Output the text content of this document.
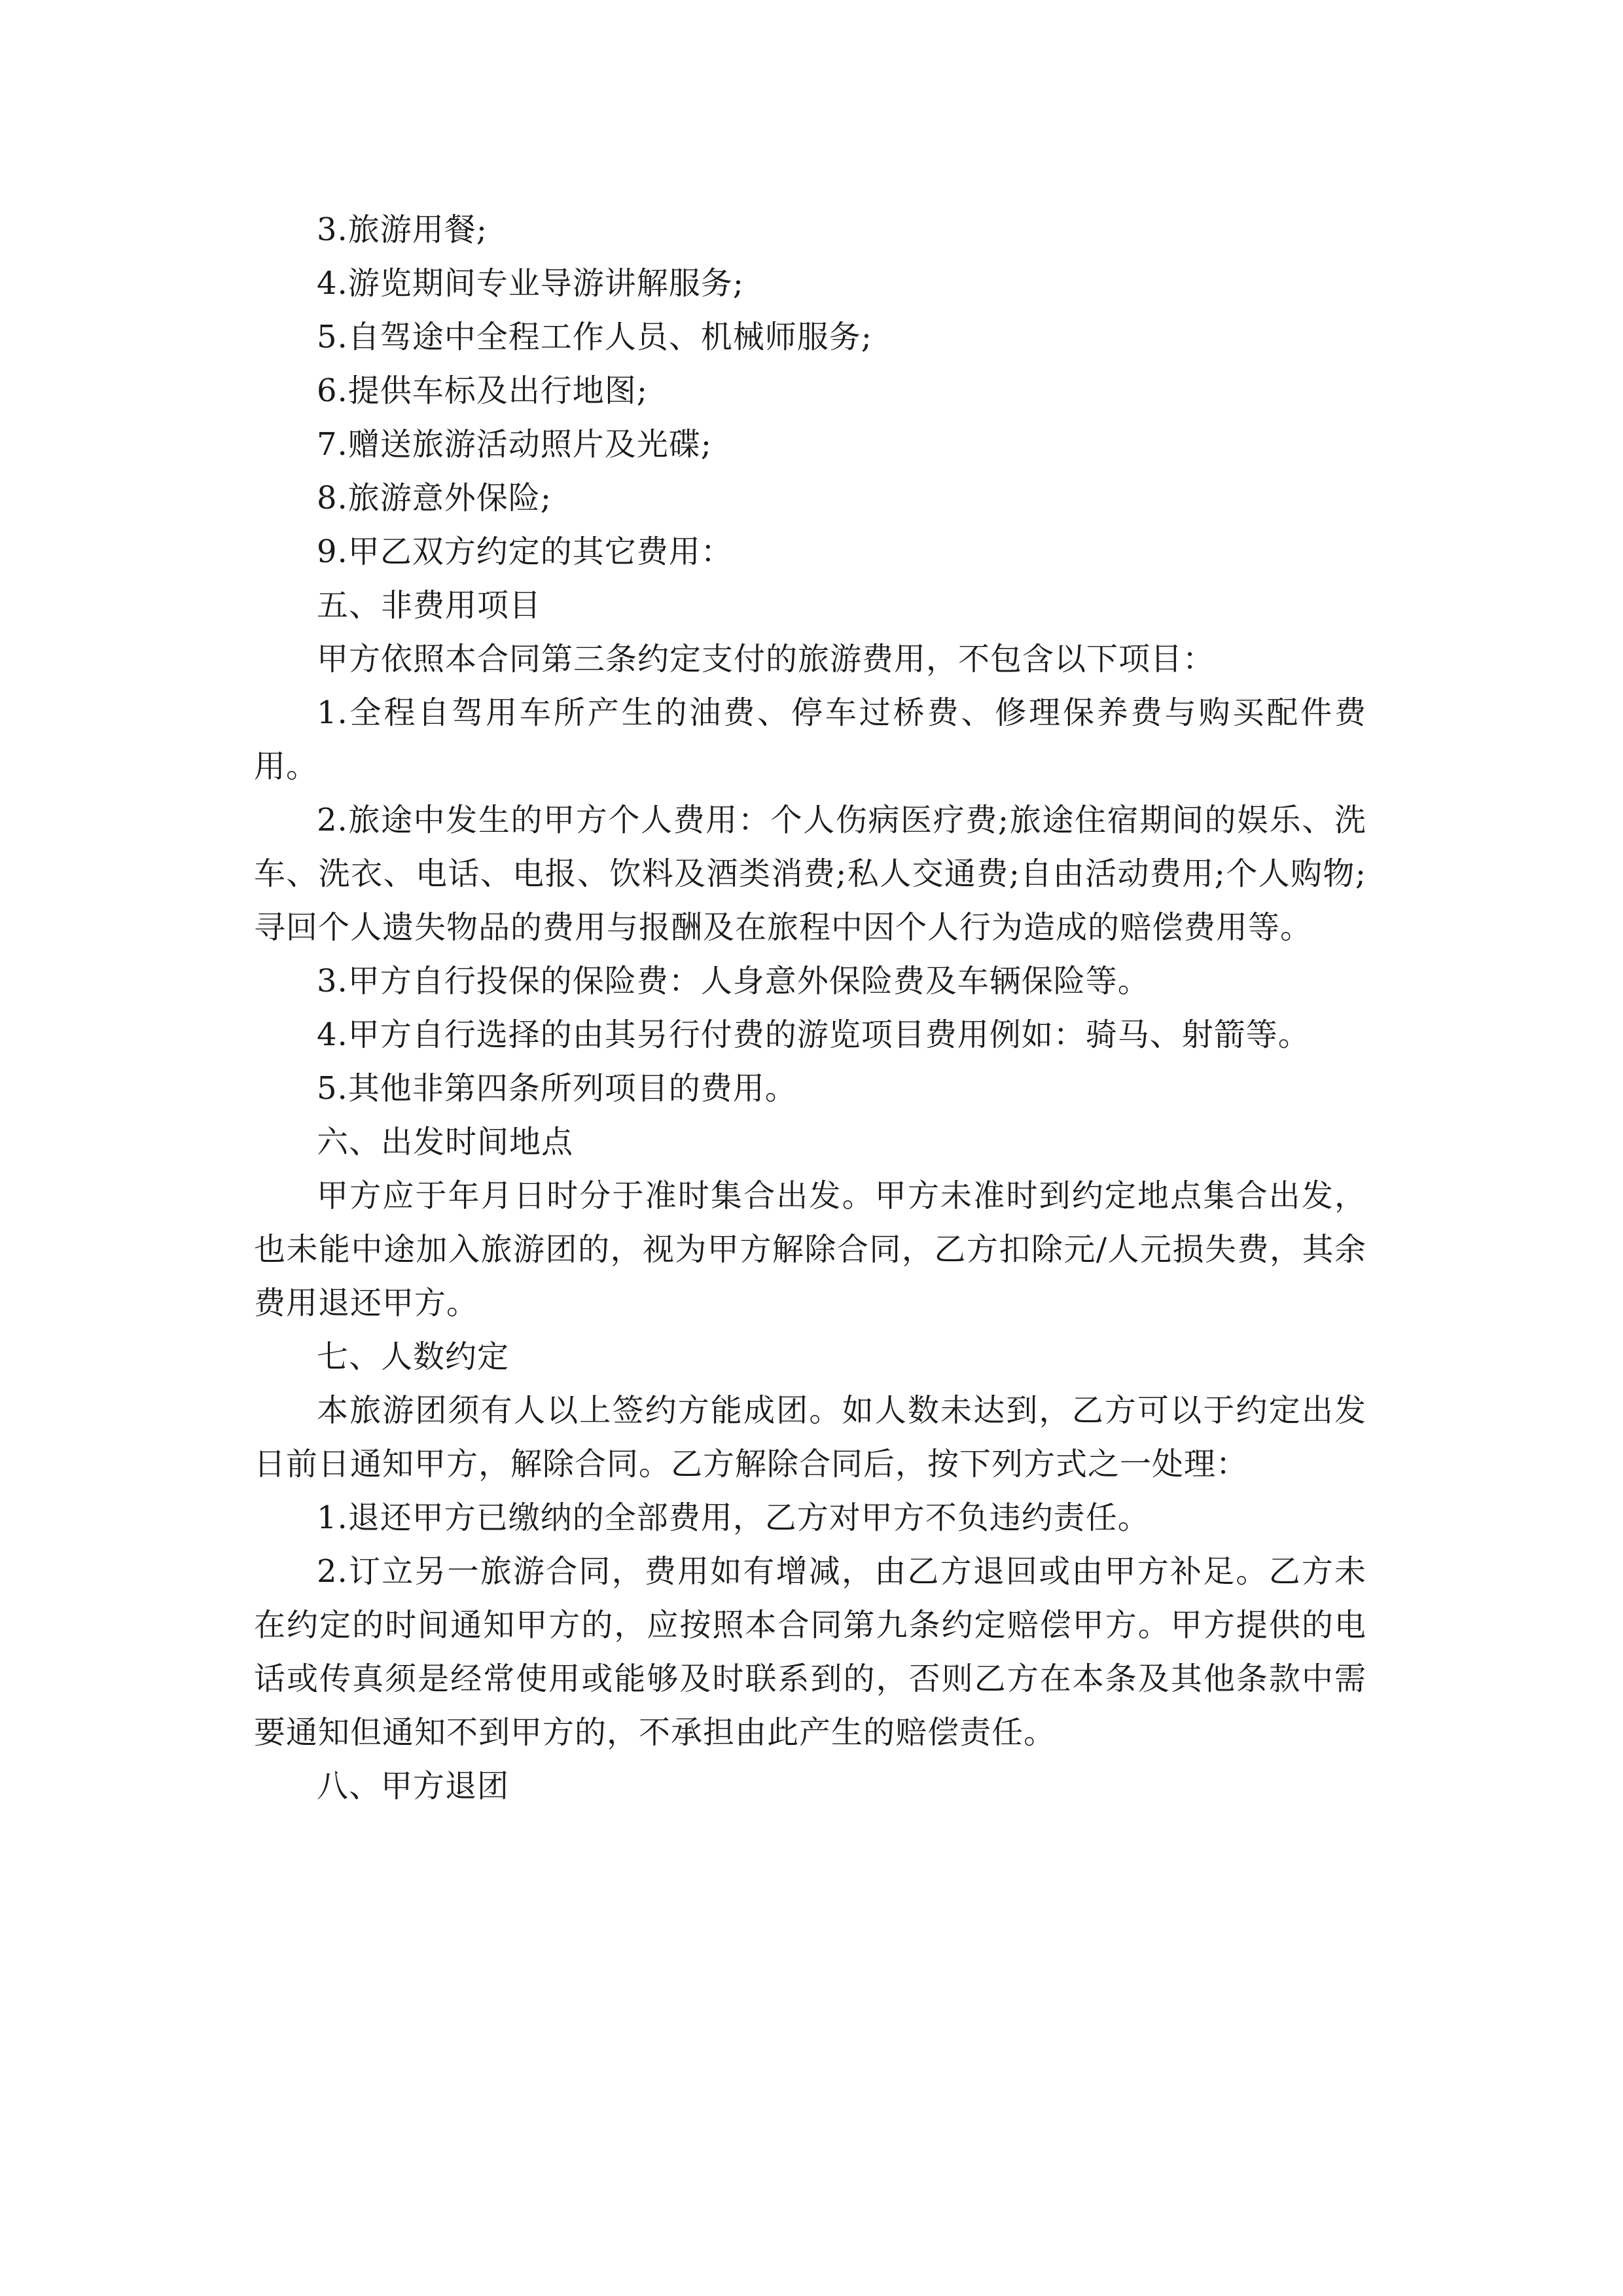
3.旅游用餐;

4.游览期间专业导游讲解服务;

5.自驾途中全程工作人员、机械师服务;

6.提供车标及出行地图;

7.赠送旅游活动照片及光碟;

8.旅游意外保险;

9.甲乙双方约定的其它费用：

五、非费用项目

甲方依照本合同第三条约定支付的旅游费用，不包含以下项目：

1.全程自驾用车所产生的油费、停车过桥费、修理保养费与购买配件费用。

2.旅途中发生的甲方个人费用：个人伤病医疗费;旅途住宿期间的娱乐、洗车、洗衣、电话、电报、饮料及酒类消费;私人交通费;自由活动费用;个人购物;寻回个人遗失物品的费用与报酬及在旅程中因个人行为造成的赔偿费用等。

3.甲方自行投保的保险费：人身意外保险费及车辆保险等。

4.甲方自行选择的由其另行付费的游览项目费用例如：骑马、射箭等。

5.其他非第四条所列项目的费用。

六、出发时间地点

甲方应于年月日时分于准时集合出发。甲方未准时到约定地点集合出发，也未能中途加入旅游团的，视为甲方解除合同，乙方扣除元/人元损失费，其余费用退还甲方。

七、人数约定

本旅游团须有人以上签约方能成团。如人数未达到，乙方可以于约定出发日前日通知甲方，解除合同。乙方解除合同后，按下列方式之一处理：

1.退还甲方已缴纳的全部费用，乙方对甲方不负违约责任。

2.订立另一旅游合同，费用如有增减，由乙方退回或由甲方补足。乙方未在约定的时间通知甲方的，应按照本合同第九条约定赔偿甲方。甲方提供的电话或传真须是经常使用或能够及时联系到的，否则乙方在本条及其他条款中需要通知但通知不到甲方的，不承担由此产生的赔偿责任。

八、甲方退团
